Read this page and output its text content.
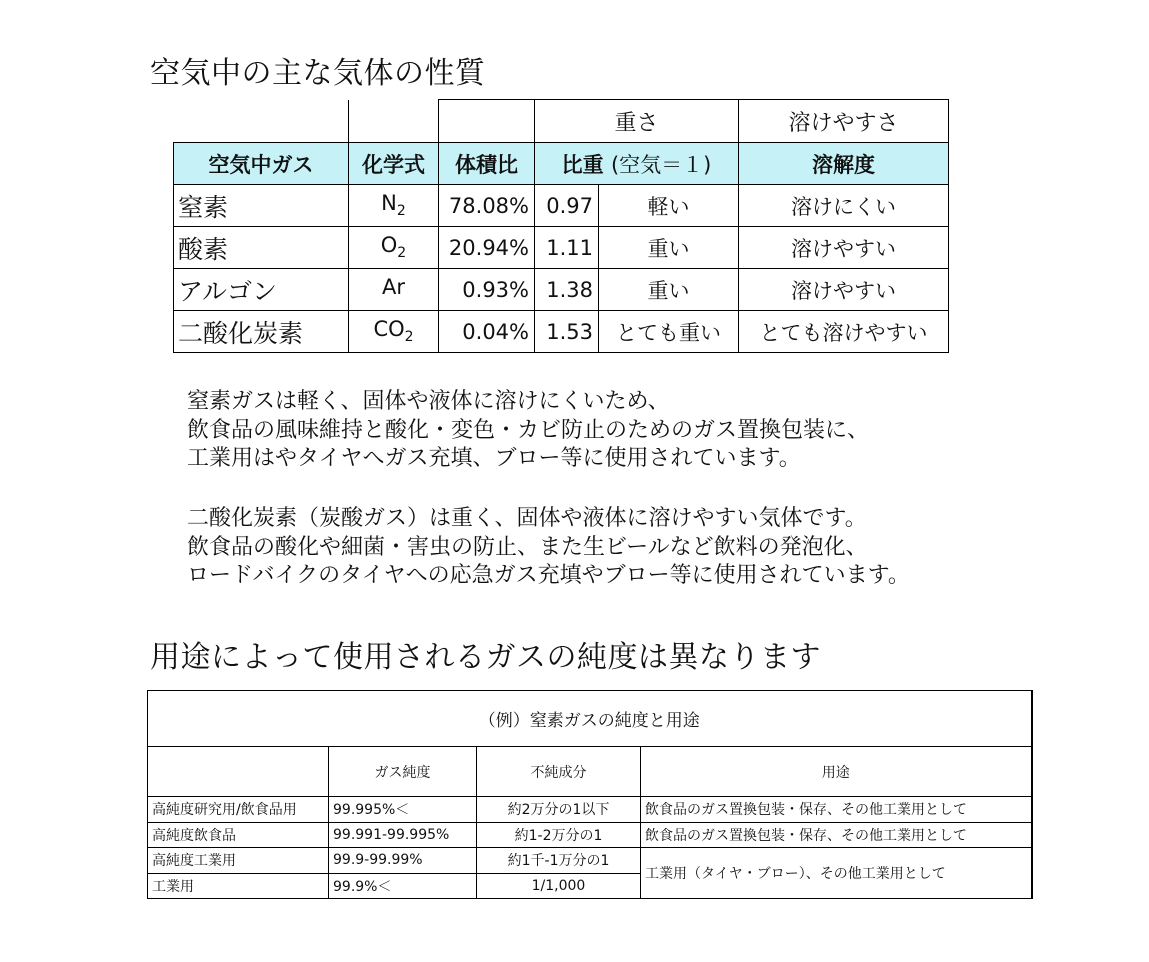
空気中の主な気体の性質
			重さ		溶けやすさ
空気中ガス	化学式	体積比	比重 (空気＝１)		溶解度
窒素	$N_2$	78.08%	0.97	軽い	溶けにくい
酸素	$O_2$	20.94%	1.11	重い	溶けやすい
アルゴン	Ar	0.93%	1.38	重い	溶けやすい
二酸化炭素	$CO_2$	0.04%	1.53	とても重い	とても溶けやすい
窒素ガスは軽く、固体や液体に溶けにくいため、
飲食品の風味維持と酸化・変色・カビ防止のためのガス置換包装に、
工業用はやタイヤへガス充填、ブロー等に使用されています。
二酸化炭素（炭酸ガス）は重く、固体や液体に溶けやすい気体です。
飲食品の酸化や細菌・害虫の防止、また生ビールなど飲料の発泡化、
ロードバイクのタイヤへの応急ガス充填やブロー等に使用されています。
用途によって使用されるガスの純度は異なります
（例）窒素ガスの純度と用途			
	ガス純度	不純成分	用途
高純度研究用/飲食品用	99.995%＜	約2万分の1以下	飲食品のガス置換包装・保存、その他工業用として
高純度飲食品	99.991-99.995%	約1-2万分の1	飲食品のガス置換包装・保存、その他工業用として
高純度工業用	99.9-99.99%	約1千-1万分の1	工業用（タイヤ・ブロー）、その他工業用として
工業用	99.9%＜	1/1,000	
